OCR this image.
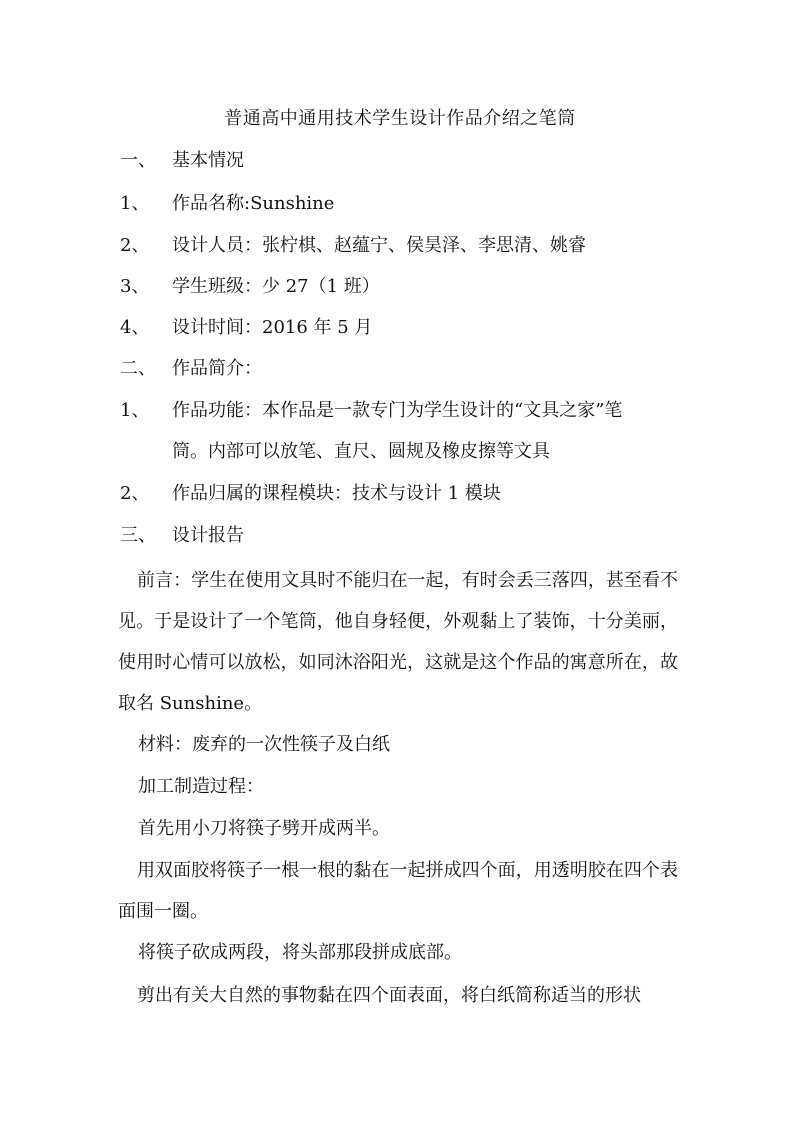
普通高中通用技术学生设计作品介绍之笔筒
一、 基本情况
1、 作品名称:Sunshine
2、 设计人员：张柠棋、赵蕴宁、侯昊泽、李思清、姚睿
3、 学生班级：少 27（1 班）
4、 设计时间：2016 年 5 月
二、 作品简介：
1、 作品功能：本作品是一款专门为学生设计的“文具之家”笔
筒。内部可以放笔、直尺、圆规及橡皮擦等文具
2、 作品归属的课程模块：技术与设计 1 模块
三、 设计报告
前言：学生在使用文具时不能归在一起，有时会丢三落四，甚至看不见。于是设计了一个笔筒，他自身轻便，外观黏上了装饰，十分美丽，使用时心情可以放松，如同沐浴阳光，这就是这个作品的寓意所在，故取名 Sunshine。
材料：废弃的一次性筷子及白纸
加工制造过程：
首先用小刀将筷子劈开成两半。
用双面胶将筷子一根一根的黏在一起拼成四个面，用透明胶在四个表面围一圈。
将筷子砍成两段，将头部那段拼成底部。
剪出有关大自然的事物黏在四个面表面，将白纸简称适当的形状
